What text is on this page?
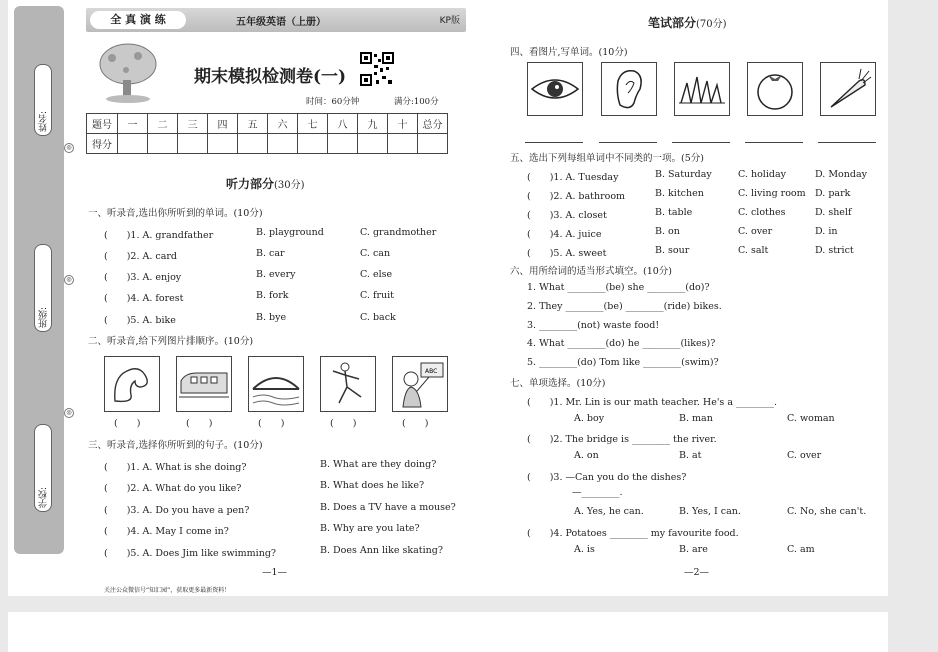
姓名:
班级:
学校:
◎
◎
◎
全 真 演 练	五年级英语（上册）	KP版
期末模拟检测卷(一)
时间：60分钟	满分:100分
题号	一	二	三	四	五	六	七	八	九	十	总分
得分											
听力部分(30分)
一、听录音,选出你所听到的单词。(10分)
(　　)1. A. grandfather	B. playground	C. grandmother
(　　)2. A. card	B. car	C. can
(　　)3. A. enjoy	B. every	C. else
(　　)4. A. forest	B. fork	C. fruit
(　　)5. A. bike	B. bye	C. back
二、听录音,给下列图片排顺序。(10分)
ABC
(　　)	(　　)	(　　)	(　　)	(　　)
三、听录音,选择你所听到的句子。(10分)
(　　)1. A. What is she doing?	B. What are they doing?
(　　)2. A. What do you like?	B. What does he like?
(　　)3. A. Do you have a pen?	B. Does a TV have a mouse?
(　　)4. A. May I come in?	B. Why are you late?
(　　)5. A. Does Jim like swimming?	B. Does Ann like skating?
—1—
关注公众微信号“知汇园”，获取更多最新资料！
笔试部分(70分)
四、看图片,写单词。(10分)
五、选出下列每组单词中不同类的一项。(5分)
(　　)1. A. Tuesday	B. Saturday	C. holiday	D. Monday
(　　)2. A. bathroom	B. kitchen	C. living room D. park
(　　)3. A. closet	B. table	C. clothes	D. shelf
(　　)4. A. juice	B. on	C. over	D. in
(　　)5. A. sweet	B. sour	C. salt	D. strict
六、用所给词的适当形式填空。(10分)
1. What ________(be) she ________(do)?
2. They ________(be) ________(ride) bikes.
3. ________(not) waste food!
4. What ________(do) he ________(likes)?
5. ________(do) Tom like ________(swim)?
七、单项选择。(10分)
(　　)1. Mr. Lin is our math teacher. He's a ________.
A. boy	B. man	C. woman
(　　)2. The bridge is ________ the river.
A. on	B. at	C. over
(　　)3. —Can you do the dishes?
—________.
A. Yes, he can.	B. Yes, I can.	C. No, she can't.
(　　)4. Potatoes ________ my favourite food.
A. is	B. are	C. am
—2—
